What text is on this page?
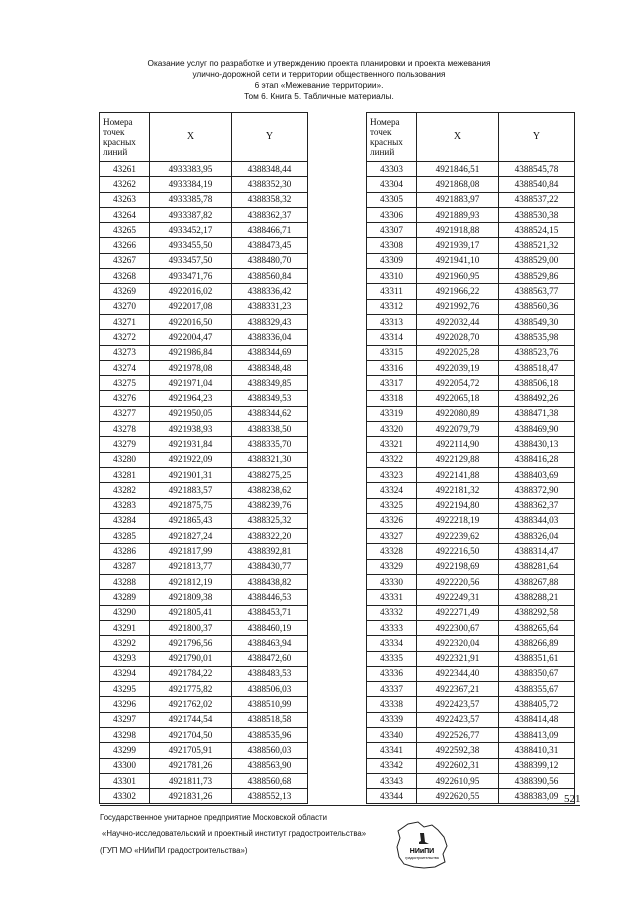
Оказание услуг по разработке и утверждению проекта планировки и проекта межевания
улично-дорожной сети и территории общественного пользования
6 этап «Межевание территории».
Том 6. Книга 5. Табличные материалы.
Номера
точек
красных
линий	X	Y
43261	4933383,95	4388348,44
43262	4933384,19	4388352,30
43263	4933385,78	4388358,32
43264	4933387,82	4388362,37
43265	4933452,17	4388466,71
43266	4933455,50	4388473,45
43267	4933457,50	4388480,70
43268	4933471,76	4388560,84
43269	4922016,02	4388336,42
43270	4922017,08	4388331,23
43271	4922016,50	4388329,43
43272	4922004,47	4388336,04
43273	4921986,84	4388344,69
43274	4921978,08	4388348,48
43275	4921971,04	4388349,85
43276	4921964,23	4388349,53
43277	4921950,05	4388344,62
43278	4921938,93	4388338,50
43279	4921931,84	4388335,70
43280	4921922,09	4388321,30
43281	4921901,31	4388275,25
43282	4921883,57	4388238,62
43283	4921875,75	4388239,76
43284	4921865,43	4388325,32
43285	4921827,24	4388322,20
43286	4921817,99	4388392,81
43287	4921813,77	4388430,77
43288	4921812,19	4388438,82
43289	4921809,38	4388446,53
43290	4921805,41	4388453,71
43291	4921800,37	4388460,19
43292	4921796,56	4388463,94
43293	4921790,01	4388472,60
43294	4921784,22	4388483,53
43295	4921775,82	4388506,03
43296	4921762,02	4388510,99
43297	4921744,54	4388518,58
43298	4921704,50	4388535,96
43299	4921705,91	4388560,03
43300	4921781,26	4388563,90
43301	4921811,73	4388560,68
43302	4921831,26	4388552,13
Номера
точек
красных
линий	X	Y
43303	4921846,51	4388545,78
43304	4921868,08	4388540,84
43305	4921883,97	4388537,22
43306	4921889,93	4388530,38
43307	4921918,88	4388524,15
43308	4921939,17	4388521,32
43309	4921941,10	4388529,00
43310	4921960,95	4388529,86
43311	4921966,22	4388563,77
43312	4921992,76	4388560,36
43313	4922032,44	4388549,30
43314	4922028,70	4388535,98
43315	4922025,28	4388523,76
43316	4922039,19	4388518,47
43317	4922054,72	4388506,18
43318	4922065,18	4388492,26
43319	4922080,89	4388471,38
43320	4922079,79	4388469,90
43321	4922114,90	4388430,13
43322	4922129,88	4388416,28
43323	4922141,88	4388403,69
43324	4922181,32	4388372,90
43325	4922194,80	4388362,37
43326	4922218,19	4388344,03
43327	4922239,62	4388326,04
43328	4922216,50	4388314,47
43329	4922198,69	4388281,64
43330	4922220,56	4388267,88
43331	4922249,31	4388288,21
43332	4922271,49	4388292,58
43333	4922300,67	4388265,64
43334	4922320,04	4388266,89
43335	4922321,91	4388351,61
43336	4922344,40	4388350,67
43337	4922367,21	4388355,67
43338	4922423,57	4388405,72
43339	4922423,57	4388414,48
43340	4922526,77	4388413,09
43341	4922592,38	4388410,31
43342	4922602,31	4388399,12
43343	4922610,95	4388390,56
43344	4922620,55	4388383,09 521
Государственное унитарное предприятие Московской области
«Научно-исследовательский и проектный институт градостроительства»
(ГУП МО «НИиПИ градостроительства»)	НИиПИ
градостроительства
